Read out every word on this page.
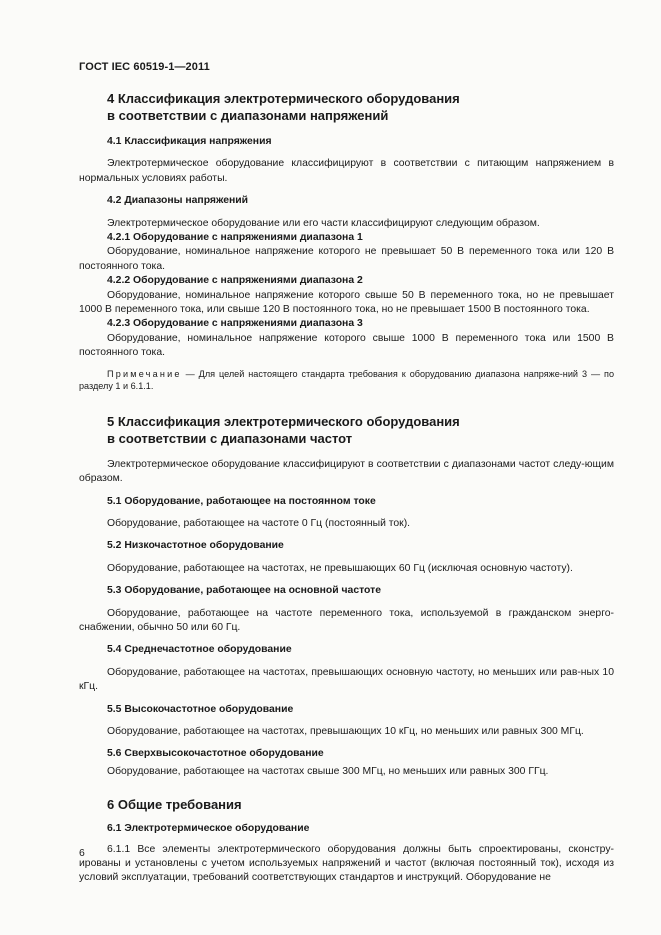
ГОСТ IEC 60519-1—2011
4 Классификация электротермического оборудования
в соответствии с диапазонами напряжений
4.1 Классификация напряжения
Электротермическое оборудование классифицируют в соответствии с питающим напряжением в нормальных условиях работы.
4.2 Диапазоны напряжений
Электротермическое оборудование или его части классифицируют следующим образом.
4.2.1 Оборудование с напряжениями диапазона 1
Оборудование, номинальное напряжение которого не превышает 50 В переменного тока или 120 В постоянного тока.
4.2.2 Оборудование с напряжениями диапазона 2
Оборудование, номинальное напряжение которого свыше 50 В переменного тока, но не превышает 1000 В переменного тока, или свыше 120 В постоянного тока, но не превышает 1500 В постоянного тока.
4.2.3 Оборудование с напряжениями диапазона 3
Оборудование, номинальное напряжение которого свыше 1000 В переменного тока или 1500 В постоянного тока.
Примечание — Для целей настоящего стандарта требования к оборудованию диапазона напряже-ний 3 — по разделу 1 и 6.1.1.
5 Классификация электротермического оборудования
в соответствии с диапазонами частот
Электротермическое оборудование классифицируют в соответствии с диапазонами частот следу-ющим образом.
5.1 Оборудование, работающее на постоянном токе
Оборудование, работающее на частоте 0 Гц (постоянный ток).
5.2 Низкочастотное оборудование
Оборудование, работающее на частотах, не превышающих 60 Гц (исключая основную частоту).
5.3 Оборудование, работающее на основной частоте
Оборудование, работающее на частоте переменного тока, используемой в гражданском энерго-снабжении, обычно 50 или 60 Гц.
5.4 Среднечастотное оборудование
Оборудование, работающее на частотах, превышающих основную частоту, но меньших или рав-ных 10 кГц.
5.5 Высокочастотное оборудование
Оборудование, работающее на частотах, превышающих 10 кГц, но меньших или равных 300 МГц.
5.6 Сверхвысокочастотное оборудование
Оборудование, работающее на частотах свыше 300 МГц, но меньших или равных 300 ГГц.
6 Общие требования
6.1 Электротермическое оборудование
6.1.1 Все элементы электротермического оборудования должны быть спроектированы, сконстру-ированы и установлены с учетом используемых напряжений и частот (включая постоянный ток), исходя из условий эксплуатации, требований соответствующих стандартов и инструкций. Оборудование не
6
